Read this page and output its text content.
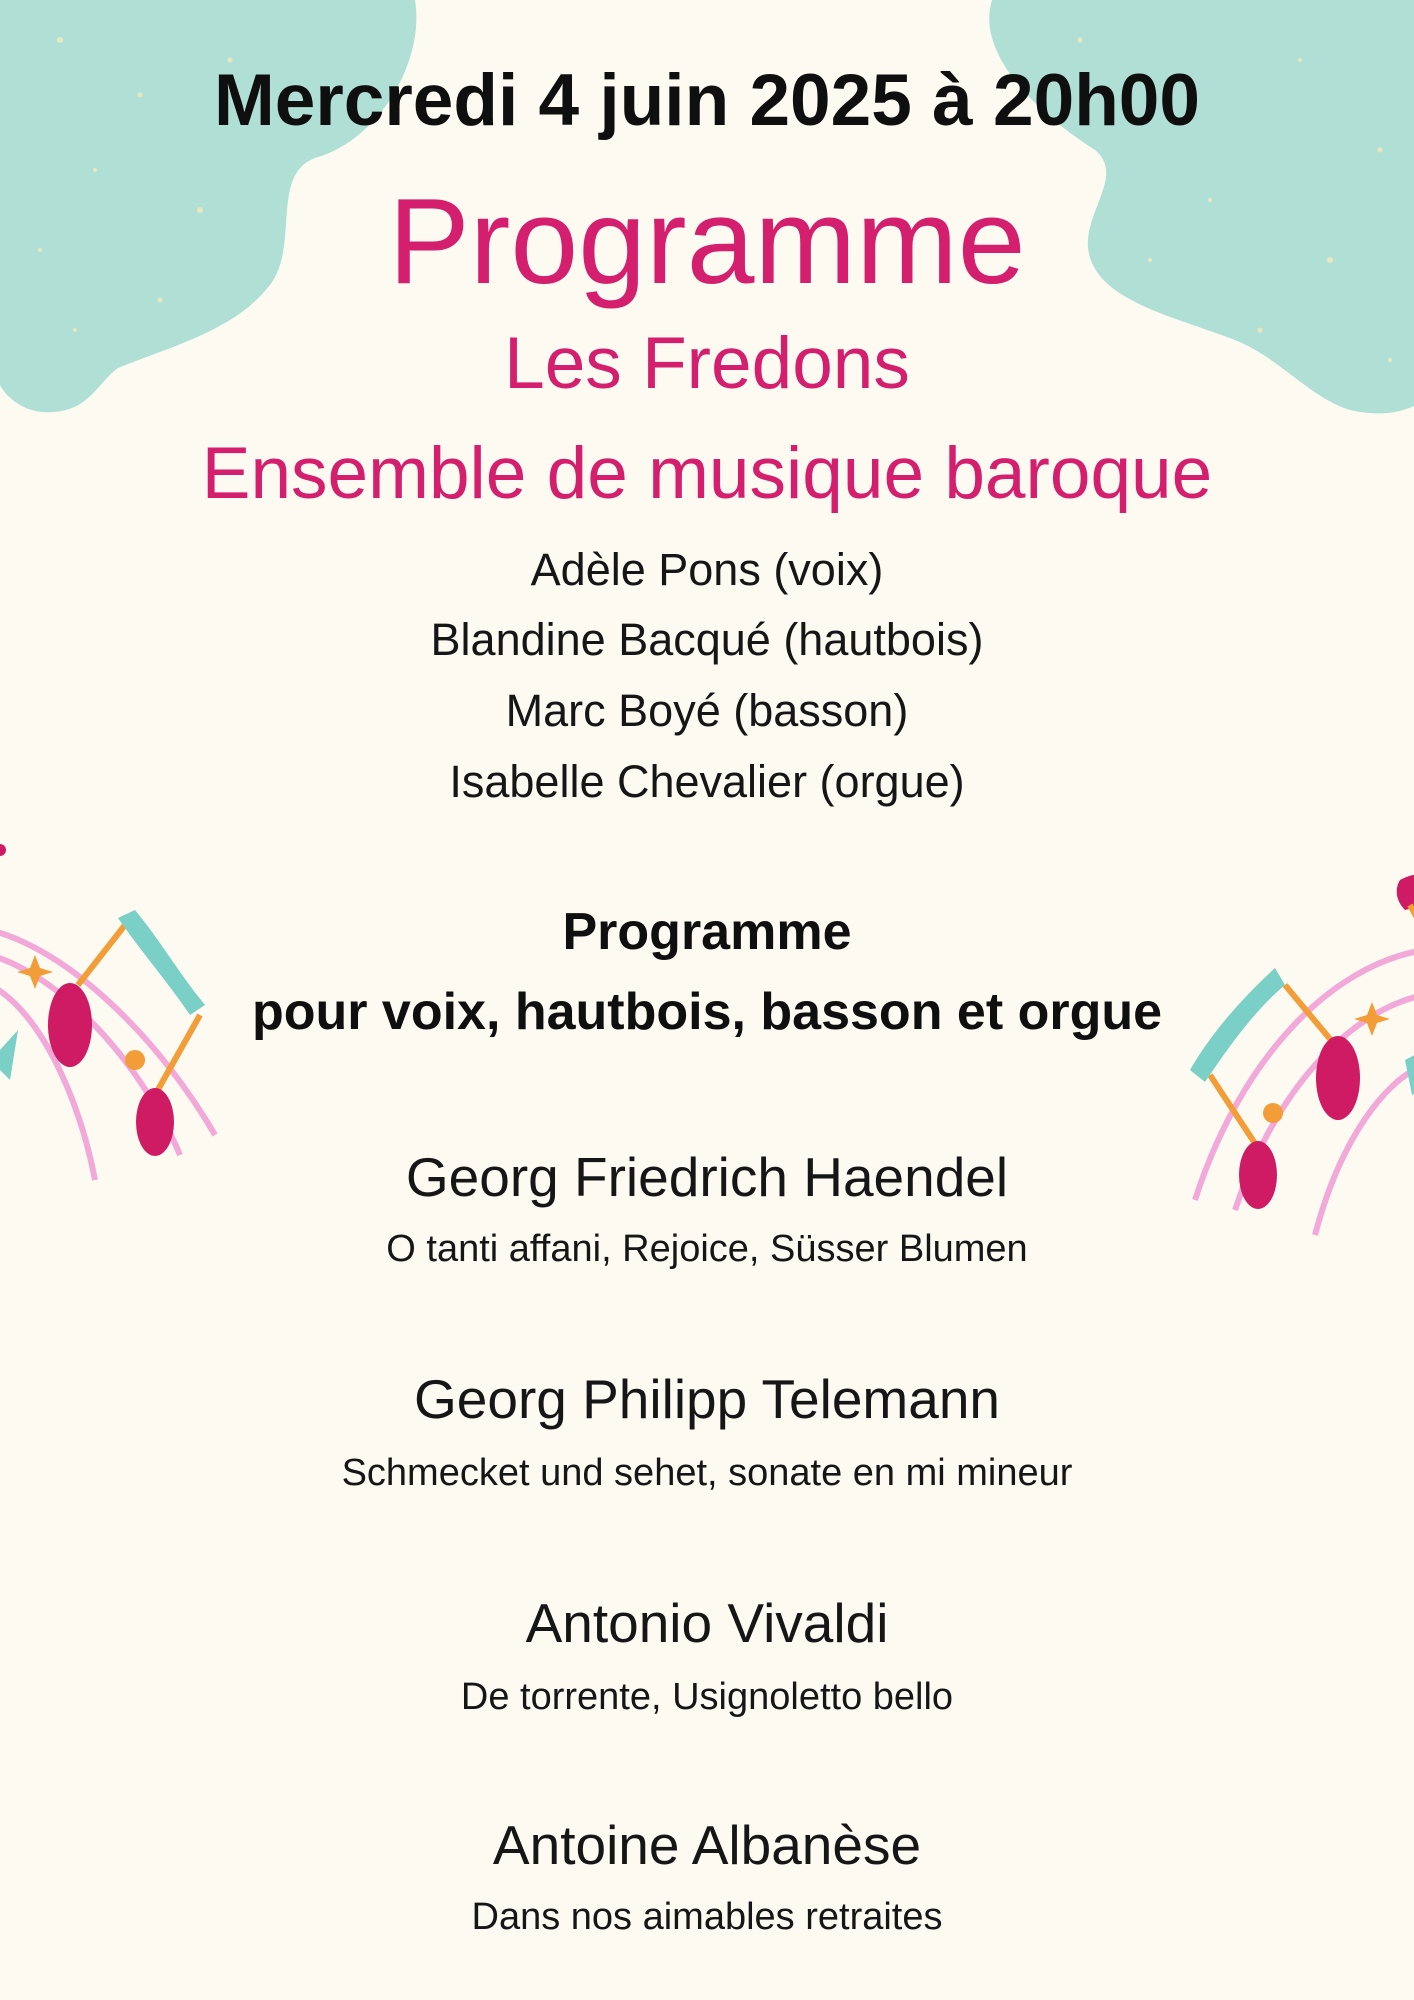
Mercredi 4 juin 2025 à 20h00

Programme

Les Fredons

Ensemble de musique baroque

Adèle Pons (voix)

Blandine Bacqué (hautbois)

Marc Boyé (basson)

Isabelle Chevalier (orgue)

Programme

pour voix, hautbois, basson et orgue

Georg Friedrich Haendel

O tanti affani, Rejoice, Süsser Blumen

Georg Philipp Telemann

Schmecket und sehet, sonate en mi mineur

Antonio Vivaldi

De torrente, Usignoletto bello

Antoine Albanèse

Dans nos aimables retraites
